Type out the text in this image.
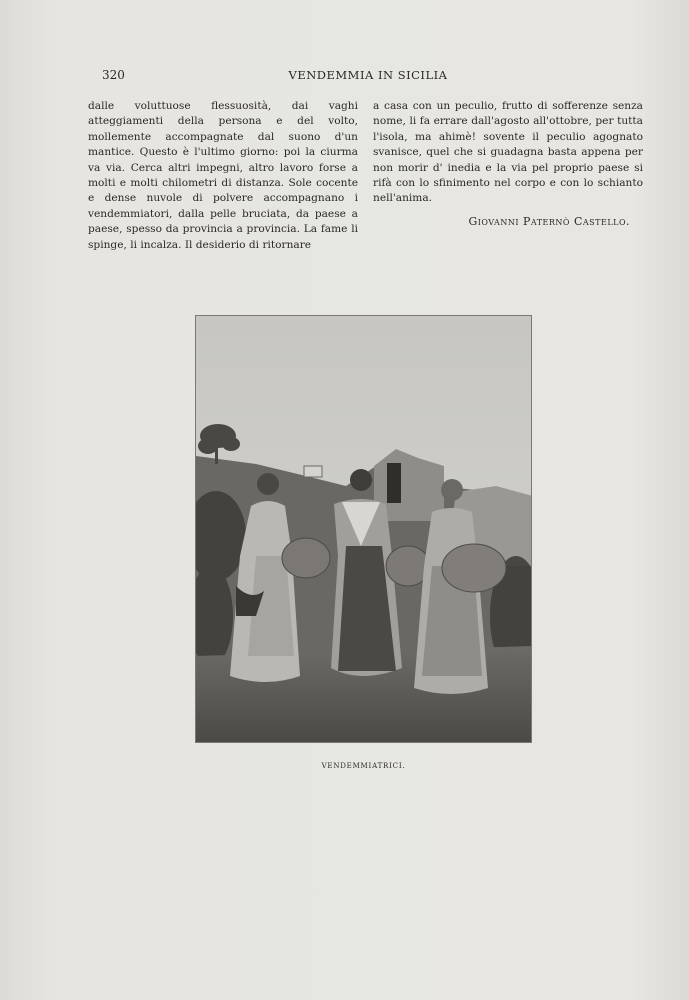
320	VENDEMMIA IN SICILIA

dalle voluttuose flessuosità, dai vaghi atteggiamenti della persona e del volto, mollemente accompagnate dal suono d'un mantice. Questo è l'ultimo giorno: poi la ciurma va via. Cerca altri impegni, altro lavoro forse a molti e molti chilometri di distanza. Sole cocente e dense nuvole di polvere accompagnano i vendemmiatori, dalla pelle bruciata, da paese a paese, spesso da provincia a provincia. La fame li spinge, li incalza. Il desiderio di ritornare

a casa con un peculio, frutto di sofferenze senza nome, li fa errare dall'agosto all'ottobre, per tutta l'isola, ma ahimè! sovente il peculio agognato svanisce, quel che si guadagna basta appena per non morir d' inedia e la via pel proprio paese si rifà con lo sfinimento nel corpo e con lo schianto nell'anima.

Giovanni Paternò Castello.
VENDEMMIATRICI.
